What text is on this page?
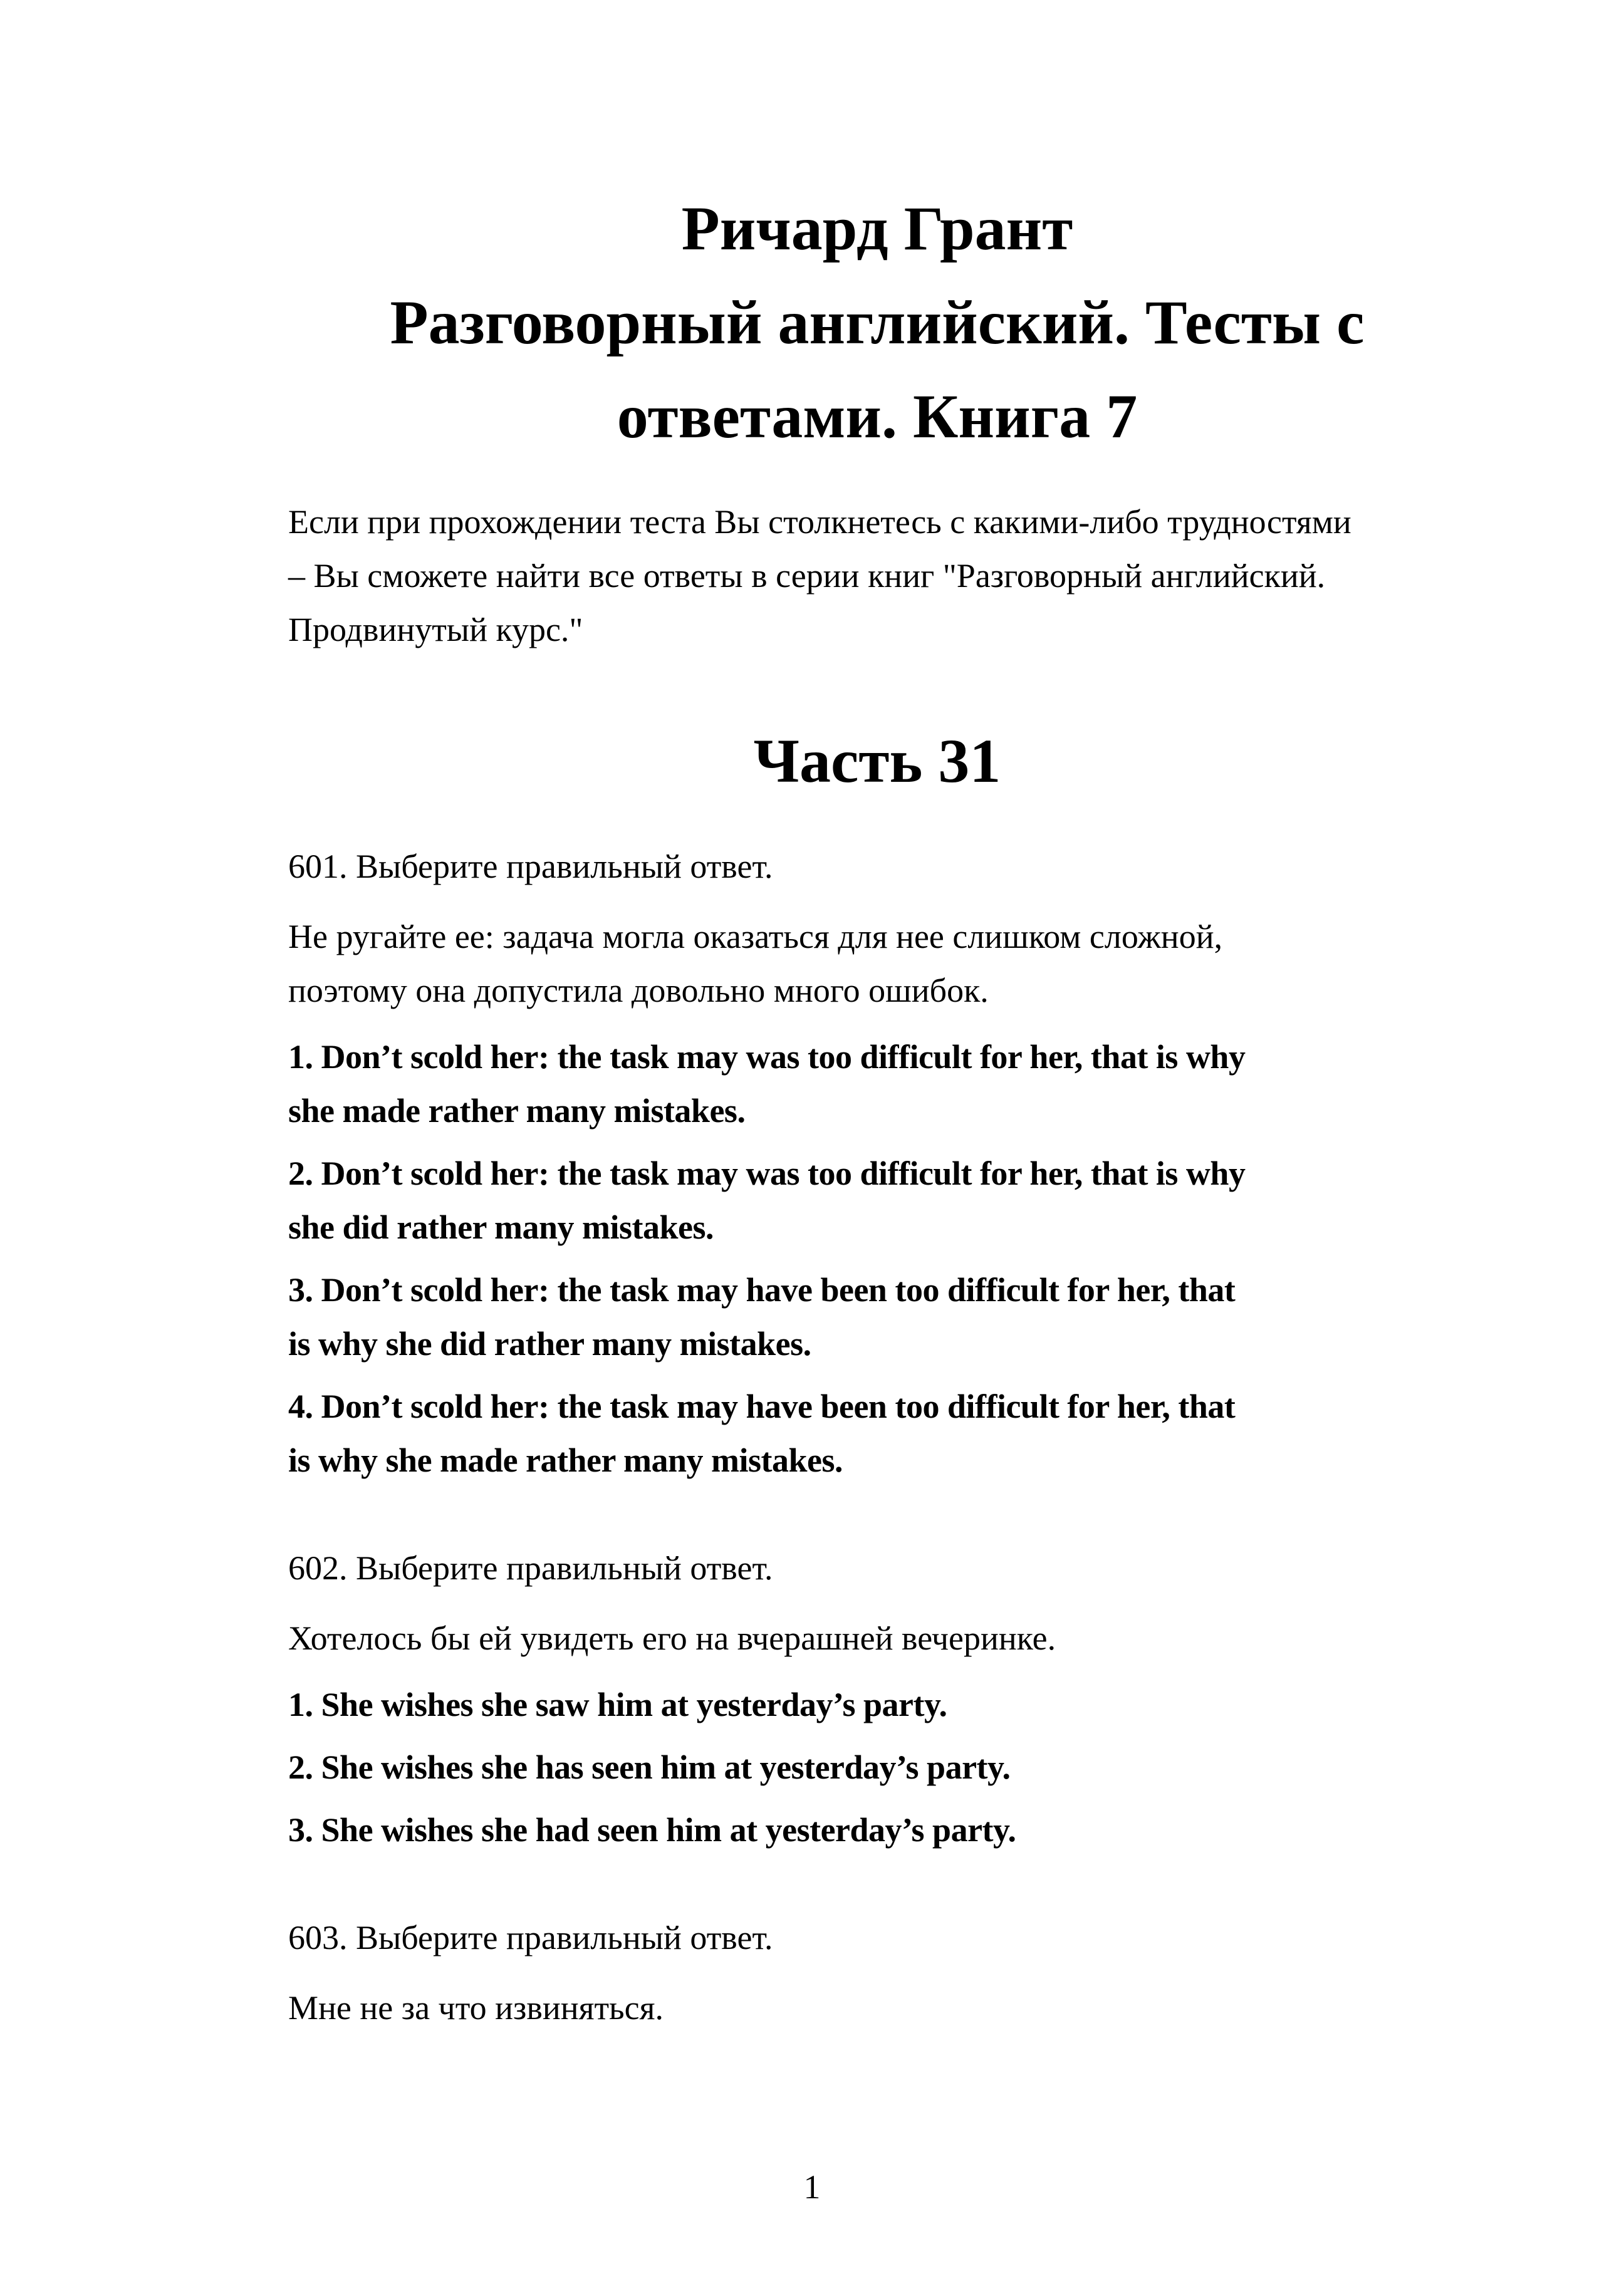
Ричард Грант
Разговорный английский. Тесты с
ответами. Книга 7
Если при прохождении теста Вы столкнетесь с какими-либо трудностями
– Вы сможете найти все ответы в серии книг "Разговорный английский.
Продвинутый курс."
Часть 31
601. Выберите правильный ответ.
Не ругайте ее: задача могла оказаться для нее слишком сложной,
поэтому она допустила довольно много ошибок.
1. Don’t scold her: the task may was too difficult for her, that is why
she made rather many mistakes.
2. Don’t scold her: the task may was too difficult for her, that is why
she did rather many mistakes.
3. Don’t scold her: the task may have been too difficult for her, that
is why she did rather many mistakes.
4. Don’t scold her: the task may have been too difficult for her, that
is why she made rather many mistakes.
602. Выберите правильный ответ.
Хотелось бы ей увидеть его на вчерашней вечеринке.
1. She wishes she saw him at yesterday’s party.
2. She wishes she has seen him at yesterday’s party.
3. She wishes she had seen him at yesterday’s party.
603. Выберите правильный ответ.
Мне не за что извиняться.
1
